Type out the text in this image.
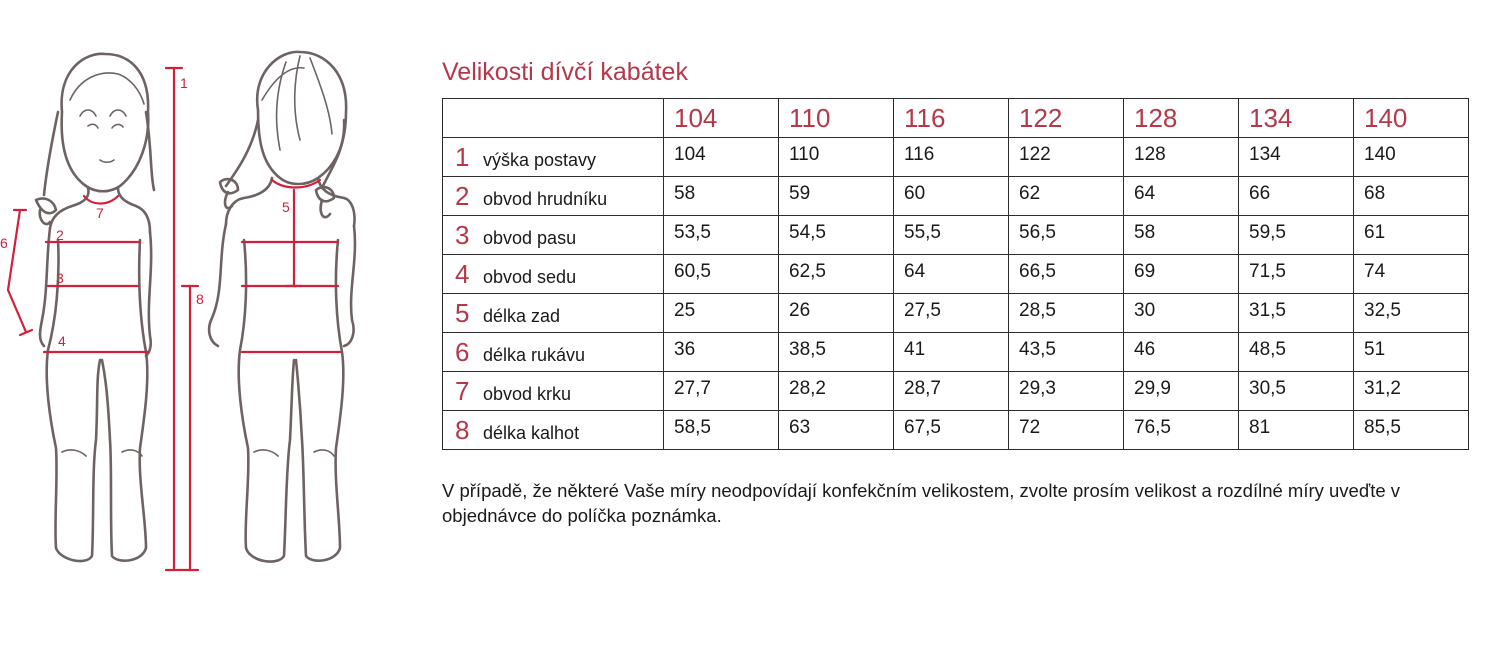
1
2
3
4
6
7
8
5
Velikosti dívčí kabátek
	104	110	116	122	128	134	140
1 výška postavy	104	110	116	122	128	134	140
2 obvod hrudníku	58	59	60	62	64	66	68
3 obvod pasu	53,5	54,5	55,5	56,5	58	59,5	61
4 obvod sedu	60,5	62,5	64	66,5	69	71,5	74
5 délka zad	25	26	27,5	28,5	30	31,5	32,5
6 délka rukávu	36	38,5	41	43,5	46	48,5	51
7 obvod krku	27,7	28,2	28,7	29,3	29,9	30,5	31,2
8 délka kalhot	58,5	63	67,5	72	76,5	81	85,5
V případě, že některé Vaše míry neodpovídají konfekčním velikostem, zvolte prosím velikost a rozdílné míry uveďte v objednávce do políčka poznámka.
